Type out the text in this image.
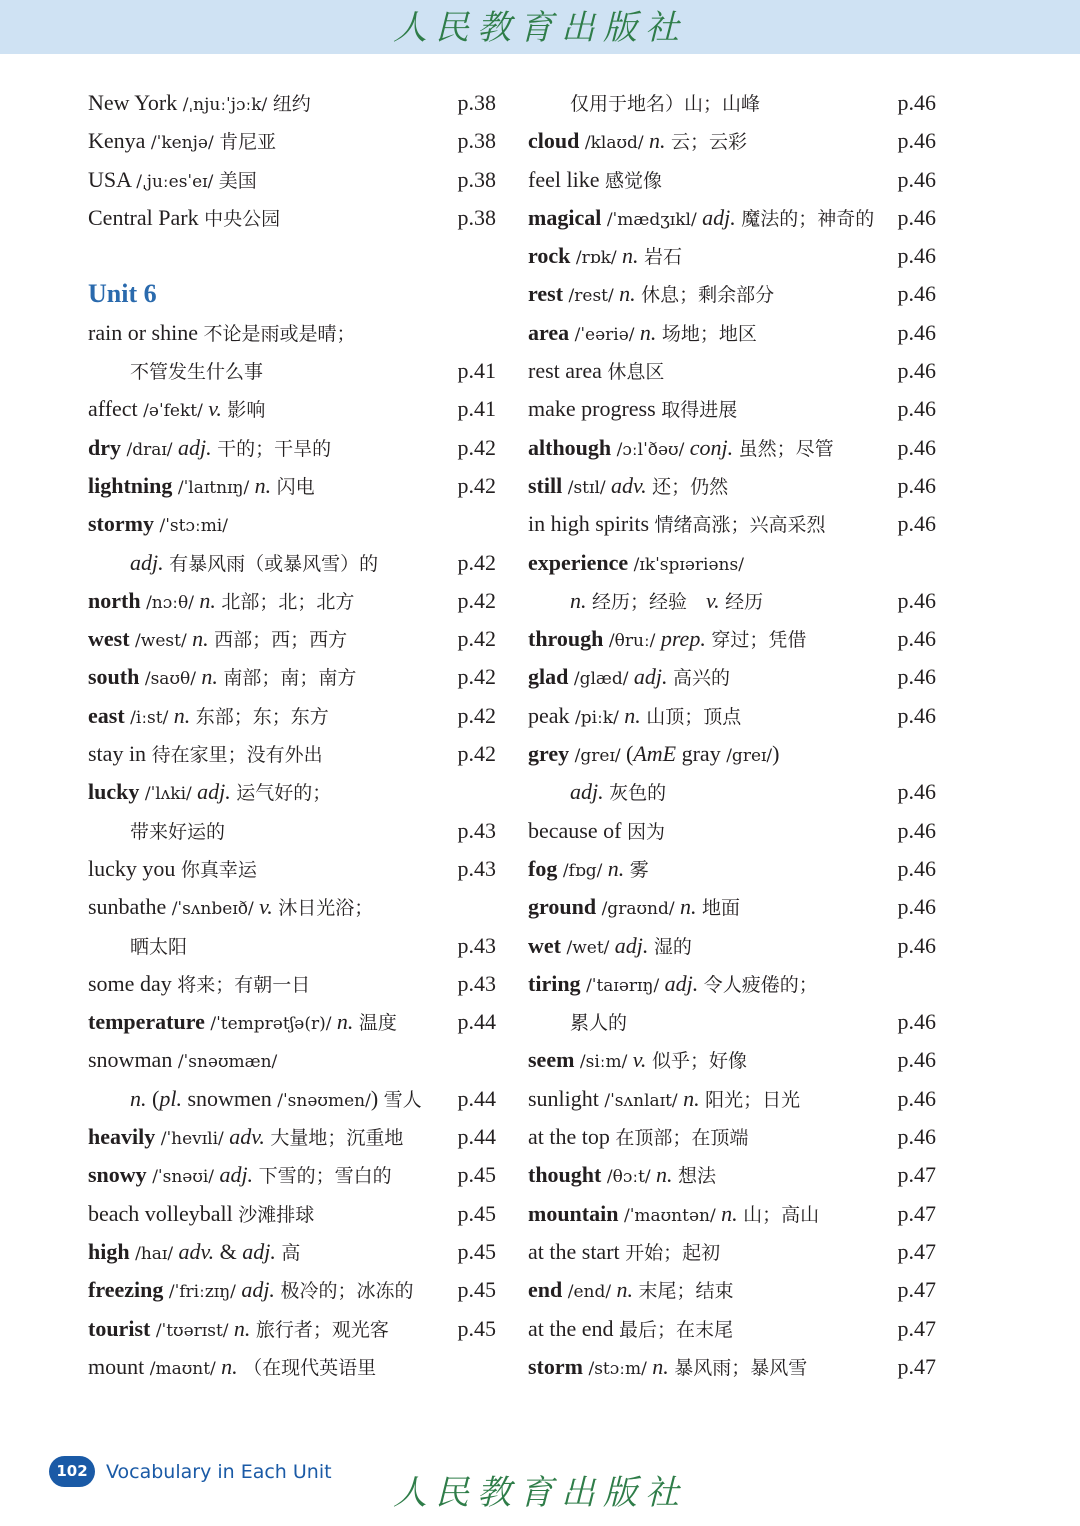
人民教育出版社
New York /ˌnjuːˈjɔːk/ 纽约	p.38
Kenya /ˈkenjə/ 肯尼亚	p.38
USA /ˌjuːesˈeɪ/ 美国	p.38
Central Park 中央公园	p.38
Unit 6
rain or shine 不论是雨或是晴；
不管发生什么事	p.41
affect /əˈfekt/ v. 影响	p.41
dry /draɪ/ adj. 干的；干旱的	p.42
lightning /ˈlaɪtnɪŋ/ n. 闪电	p.42
stormy /ˈstɔːmi/
adj. 有暴风雨（或暴风雪）的	p.42
north /nɔːθ/ n. 北部；北；北方	p.42
west /west/ n. 西部；西；西方	p.42
south /saʊθ/ n. 南部；南；南方	p.42
east /iːst/ n. 东部；东；东方	p.42
stay in 待在家里；没有外出	p.42
lucky /ˈlʌki/ adj. 运气好的；
带来好运的	p.43
lucky you 你真幸运	p.43
sunbathe /ˈsʌnbeɪð/ v. 沐日光浴；
晒太阳	p.43
some day 将来；有朝一日	p.43
temperature /ˈtemprətʃə(r)/ n. 温度	p.44
snowman /ˈsnəʊmæn/
n. (pl. snowmen /ˈsnəʊmen/) 雪人 p.44
heavily /ˈhevɪli/ adv. 大量地；沉重地 p.44
snowy /ˈsnəʊi/ adj. 下雪的；雪白的	p.45
beach volleyball 沙滩排球	p.45
high /haɪ/ adv. & adj. 高	p.45
freezing /ˈfriːzɪŋ/ adj. 极冷的；冰冻的 p.45
tourist /ˈtʊərɪst/ n. 旅行者；观光客	p.45
mount /maʊnt/ n. （在现代英语里
仅用于地名）山；山峰	p.46
cloud /klaʊd/ n. 云；云彩	p.46
feel like 感觉像	p.46
magical /ˈmædʒɪkl/ adj. 魔法的；神奇的 p.46
rock /rɒk/ n. 岩石	p.46
rest /rest/ n. 休息；剩余部分	p.46
area /ˈeəriə/ n. 场地；地区	p.46
rest area 休息区	p.46
make progress 取得进展	p.46
although /ɔːlˈðəʊ/ conj. 虽然；尽管	p.46
still /stɪl/ adv. 还；仍然	p.46
in high spirits 情绪高涨；兴高采烈	p.46
experience /ɪkˈspɪəriəns/
n. 经历；经验　v. 经历	p.46
through /θruː/ prep. 穿过；凭借	p.46
glad /glæd/ adj. 高兴的	p.46
peak /piːk/ n. 山顶；顶点	p.46
grey /greɪ/ (AmE gray /greɪ/)
adj. 灰色的	p.46
because of 因为	p.46
fog /fɒg/ n. 雾	p.46
ground /graʊnd/ n. 地面	p.46
wet /wet/ adj. 湿的	p.46
tiring /ˈtaɪərɪŋ/ adj. 令人疲倦的；
累人的	p.46
seem /siːm/ v. 似乎；好像	p.46
sunlight /ˈsʌnlaɪt/ n. 阳光；日光	p.46
at the top 在顶部；在顶端	p.46
thought /θɔːt/ n. 想法	p.47
mountain /ˈmaʊntən/ n. 山；高山	p.47
at the start 开始；起初	p.47
end /end/ n. 末尾；结束	p.47
at the end 最后；在末尾	p.47
storm /stɔːm/ n. 暴风雨；暴风雪	p.47
102 Vocabulary in Each Unit
人民教育出版社
